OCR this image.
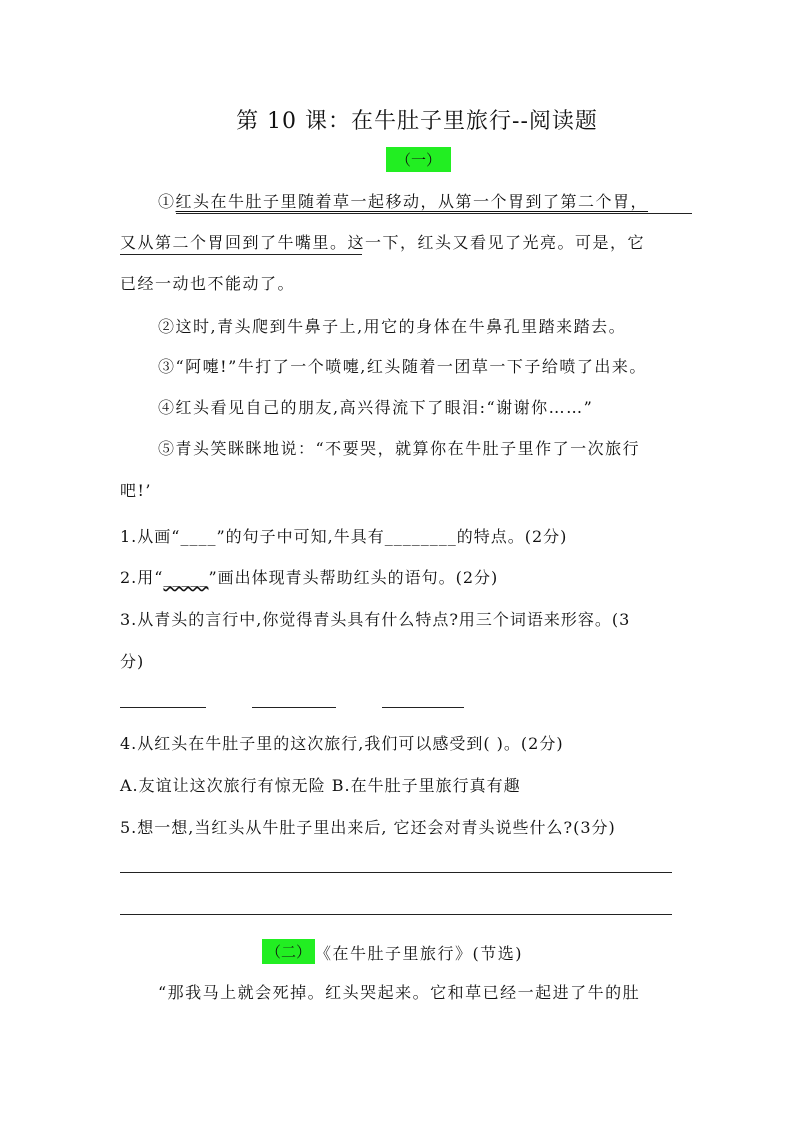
第 10 课：在牛肚子里旅行--阅读题
（一）
①红头在牛肚子里随着草一起移动，从第一个胃到了第二个胃，
又从第二个胃回到了牛嘴里。这一下，红头又看见了光亮。可是，它
已经一动也不能动了。
②这时,青头爬到牛鼻子上,用它的身体在牛鼻孔里踏来踏去。
③“阿嚏!”牛打了一个喷嚏,红头随着一团草一下子给喷了出来。
④红头看见自己的朋友,高兴得流下了眼泪:“谢谢你……”
⑤青头笑眯眯地说：“不要哭，就算你在牛肚子里作了一次旅行
吧!’
1.从画“____”的句子中可知,牛具有________的特点。(2分)
2.用“_____”画出体现青头帮助红头的语句。(2分)
3.从青头的言行中,你觉得青头具有什么特点?用三个词语来形容。(3
分)
4.从红头在牛肚子里的这次旅行,我们可以感受到( )。(2分)
A.友谊让这次旅行有惊无险 B.在牛肚子里旅行真有趣
5.想一想,当红头从牛肚子里出来后, 它还会对青头说些什么?(3分)
（二） 《在牛肚子里旅行》(节选)
“那我马上就会死掉。红头哭起来。它和草已经一起进了牛的肚
